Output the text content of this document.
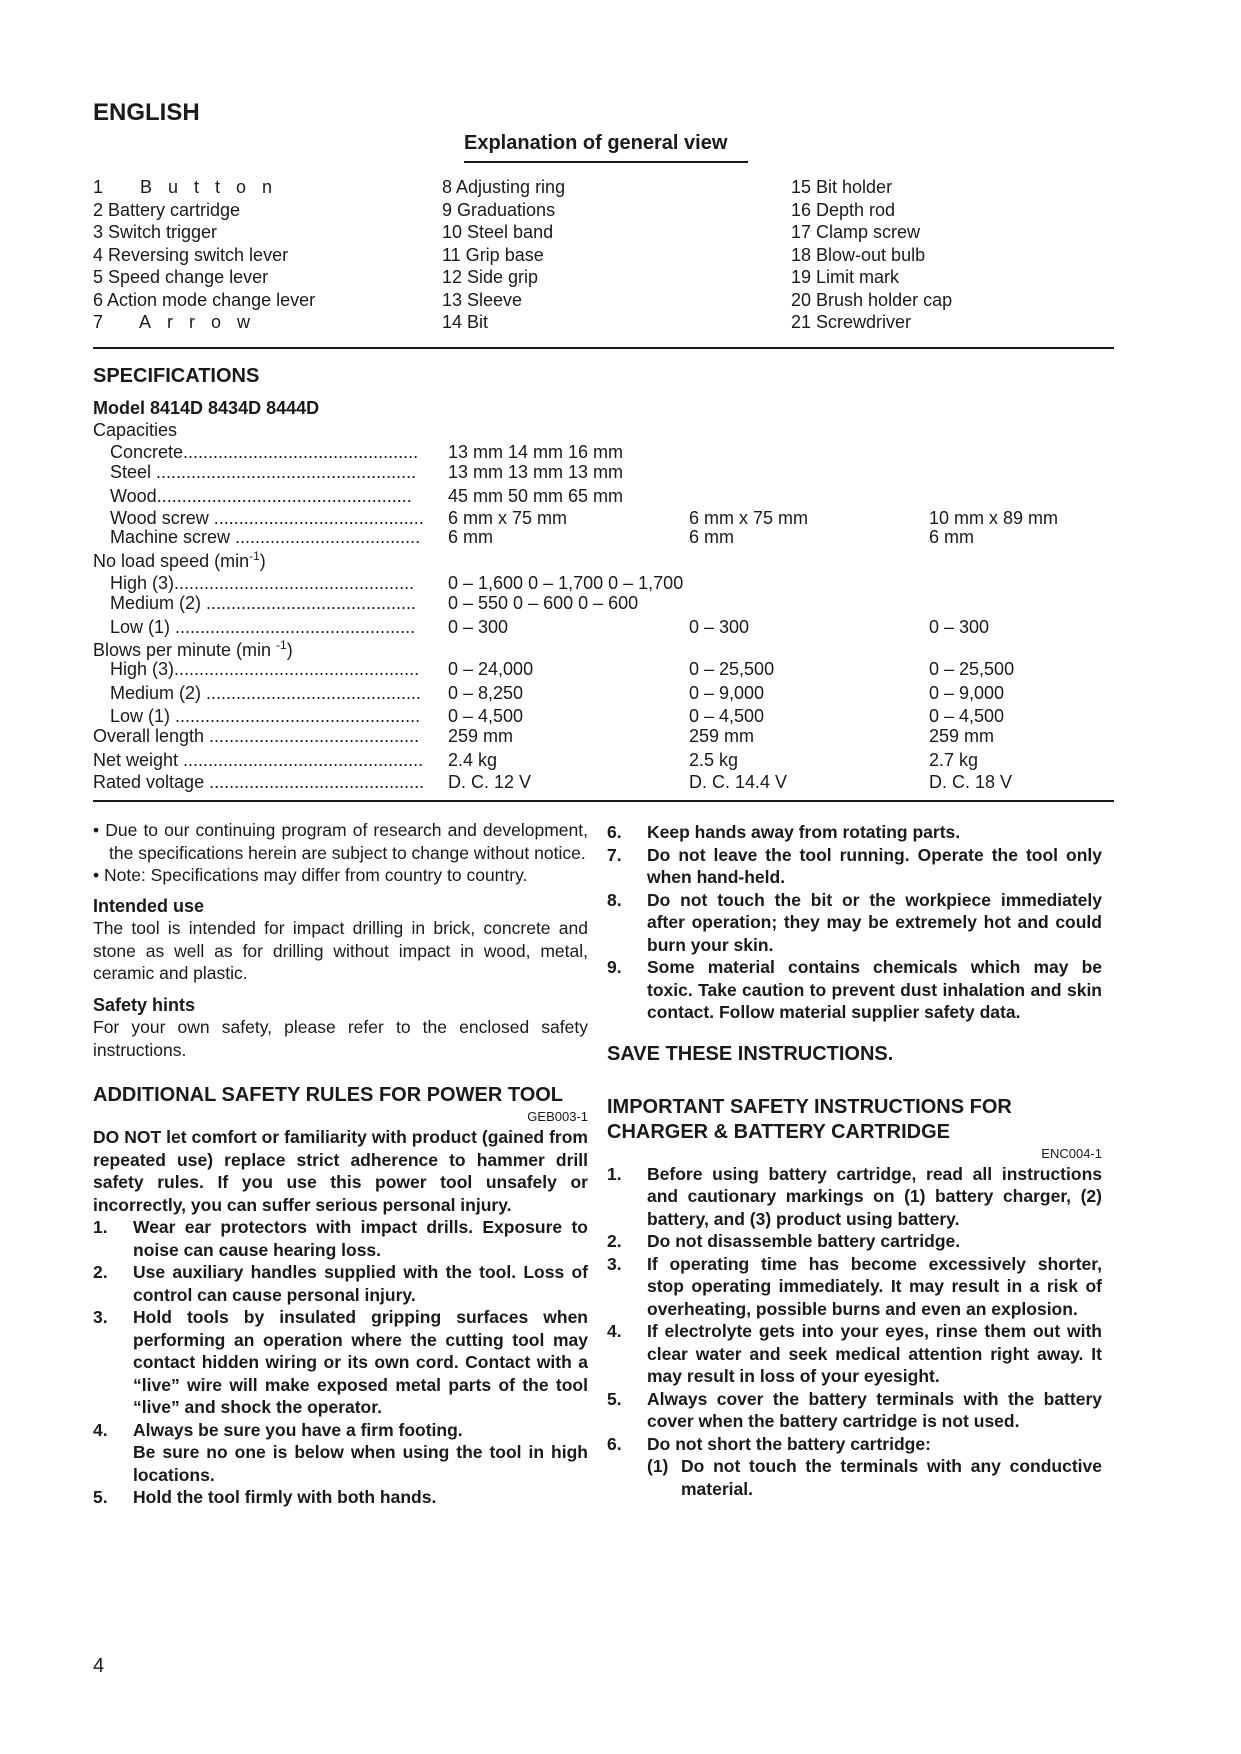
ENGLISH
Explanation of general view
1 Button
2 Battery cartridge
3 Switch trigger
4 Reversing switch lever
5 Speed change lever
6 Action mode change lever
7 Arrow
8 Adjusting ring
9 Graduations
10 Steel band
11 Grip base
12 Side grip
13 Sleeve
14 Bit
15 Bit holder
16 Depth rod
17 Clamp screw
18 Blow-out bulb
19 Limit mark
20 Brush holder cap
21 Screwdriver
SPECIFICATIONS
Model 8414D 8434D 8444D
Capacities
Concrete...............................................	13 mm 14 mm 16 mm
Steel ....................................................	13 mm 13 mm 13 mm
Wood...................................................	45 mm 50 mm 65 mm
Wood screw ..........................................	6 mm x 75 mm	6 mm x 75 mm	10 mm x 89 mm
Machine screw .....................................	6 mm	6 mm	6 mm
No load speed $(\min^{-1})$
High (3)................................................	0 – 1,600 0 – 1,700 0 – 1,700
Medium (2) ..........................................	0 – 550 0 – 600 0 – 600
Low (1) ................................................	0 – 300	0 – 300	0 – 300
Blows per minute (min $^{-1}$)
High (3).................................................	0 – 24,000	0 – 25,500	0 – 25,500
Medium (2) ...........................................	0 – 8,250	0 – 9,000	0 – 9,000
Low (1) .................................................	0 – 4,500	0 – 4,500	0 – 4,500
Overall length ..........................................	259 mm	259 mm	259 mm
Net weight ................................................	2.4 kg	2.5 kg	2.7 kg
Rated voltage ...........................................	D. C. 12 V	D. C. 14.4 V	D. C. 18 V
• Due to our continuing program of research and development, the specifications herein are subject to change without notice.
• Note: Specifications may differ from country to country.
Intended use
The tool is intended for impact drilling in brick, concrete and stone as well as for drilling without impact in wood, metal, ceramic and plastic.
Safety hints
For your own safety, please refer to the enclosed safety instructions.
ADDITIONAL SAFETY RULES FOR POWER TOOL
GEB003-1
DO NOT let comfort or familiarity with product (gained from repeated use) replace strict adherence to hammer drill safety rules. If you use this power tool unsafely or incorrectly, you can suffer serious personal injury.
1.	Wear ear protectors with impact drills. Exposure to noise can cause hearing loss.
2.	Use auxiliary handles supplied with the tool. Loss of control can cause personal injury.
3.	Hold tools by insulated gripping surfaces when performing an operation where the cutting tool may contact hidden wiring or its own cord. Contact with a “live” wire will make exposed metal parts of the tool “live” and shock the operator.
4.	Always be sure you have a firm footing.
Be sure no one is below when using the tool in high locations.
5.	Hold the tool firmly with both hands.
6.	Keep hands away from rotating parts.
7.	Do not leave the tool running. Operate the tool only when hand-held.
8.	Do not touch the bit or the workpiece immediately after operation; they may be extremely hot and could burn your skin.
9.	Some material contains chemicals which may be toxic. Take caution to prevent dust inhalation and skin contact. Follow material supplier safety data.
SAVE THESE INSTRUCTIONS.
IMPORTANT SAFETY INSTRUCTIONS FOR CHARGER & BATTERY CARTRIDGE
ENC004-1
1.	Before using battery cartridge, read all instructions and cautionary markings on (1) battery charger, (2) battery, and (3) product using battery.
2.	Do not disassemble battery cartridge.
3.	If operating time has become excessively shorter, stop operating immediately. It may result in a risk of overheating, possible burns and even an explosion.
4.	If electrolyte gets into your eyes, rinse them out with clear water and seek medical attention right away. It may result in loss of your eyesight.
5.	Always cover the battery terminals with the battery cover when the battery cartridge is not used.
6.	Do not short the battery cartridge:
(1) Do not touch the terminals with any conductive material.
4
